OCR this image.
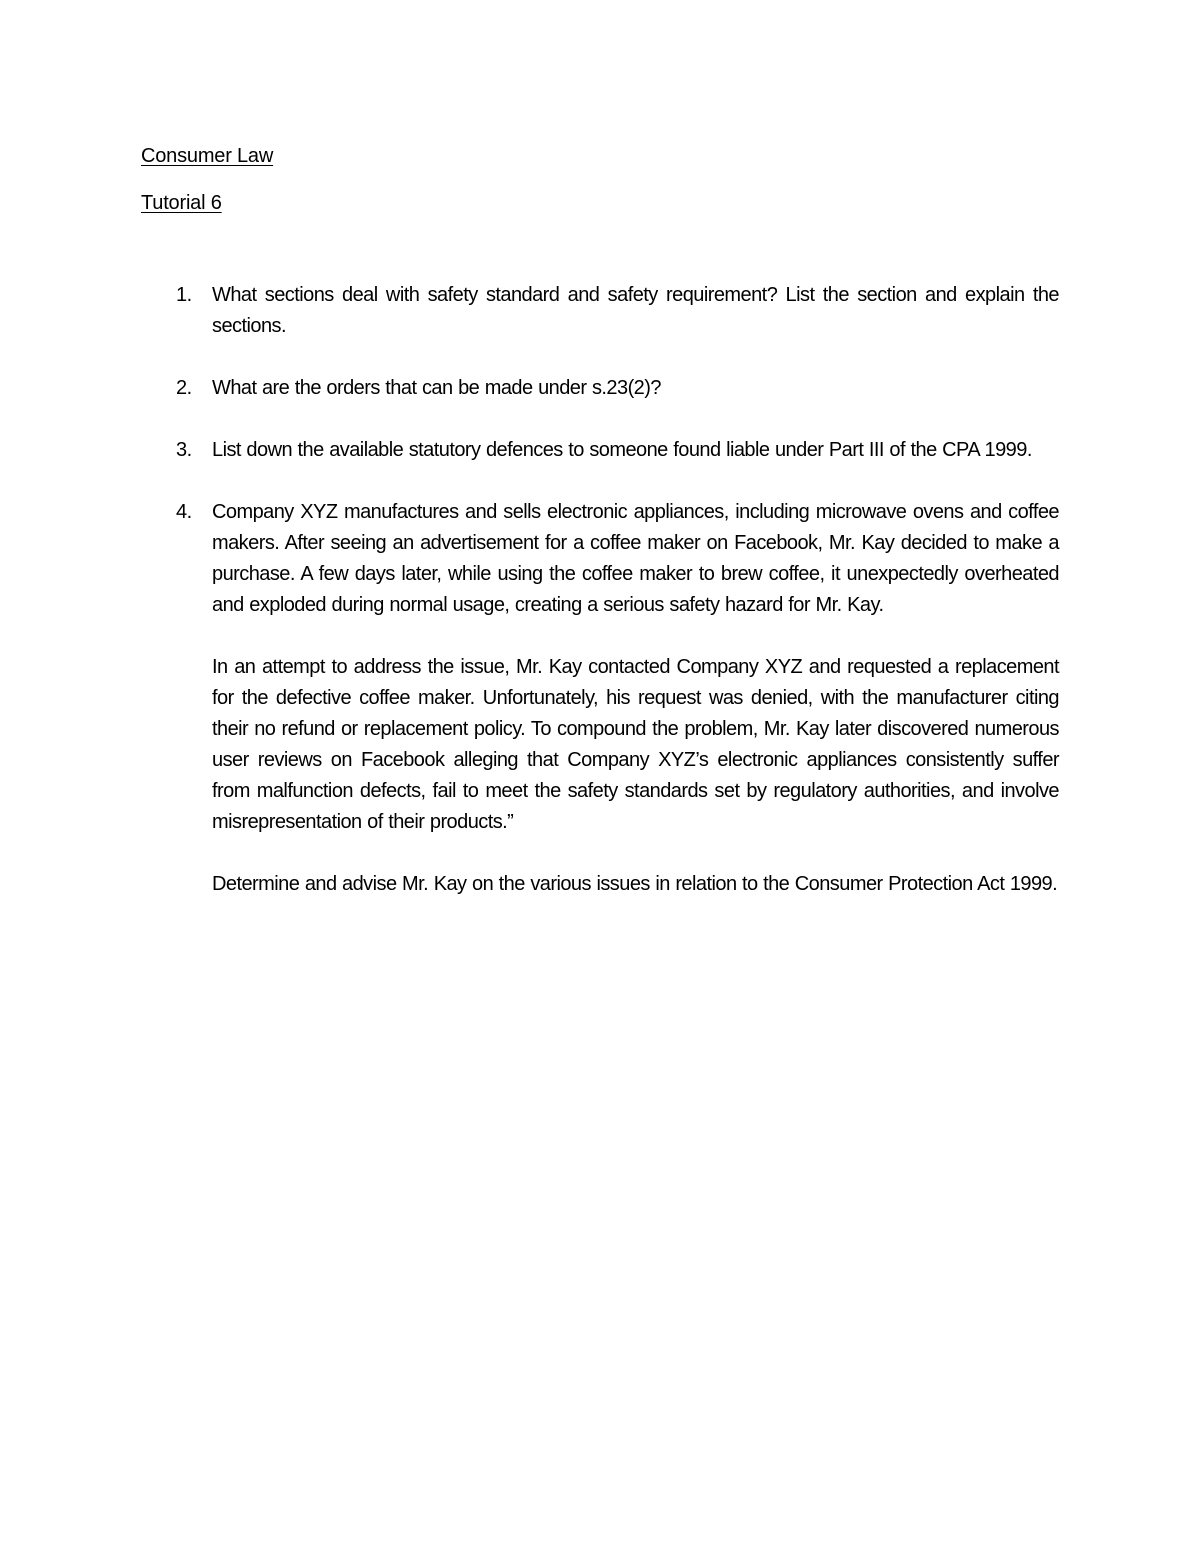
Consumer Law
Tutorial 6
1. What sections deal with safety standard and safety requirement? List the section and explain the sections.

2. What are the orders that can be made under s.23(2)?

3. List down the available statutory defences to someone found liable under Part III of the CPA 1999.

4. Company XYZ manufactures and sells electronic appliances, including microwave ovens and coffee makers. After seeing an advertisement for a coffee maker on Facebook, Mr. Kay decided to make a purchase. A few days later, while using the coffee maker to brew coffee, it unexpectedly overheated and exploded during normal usage, creating a serious safety hazard for Mr. Kay.

In an attempt to address the issue, Mr. Kay contacted Company XYZ and requested a replacement for the defective coffee maker. Unfortunately, his request was denied, with the manufacturer citing their no refund or replacement policy. To compound the problem, Mr. Kay later discovered numerous user reviews on Facebook alleging that Company XYZ’s electronic appliances consistently suffer from malfunction defects, fail to meet the safety standards set by regulatory authorities, and involve misrepresentation of their products.”

Determine and advise Mr. Kay on the various issues in relation to the Consumer Protection Act 1999.
